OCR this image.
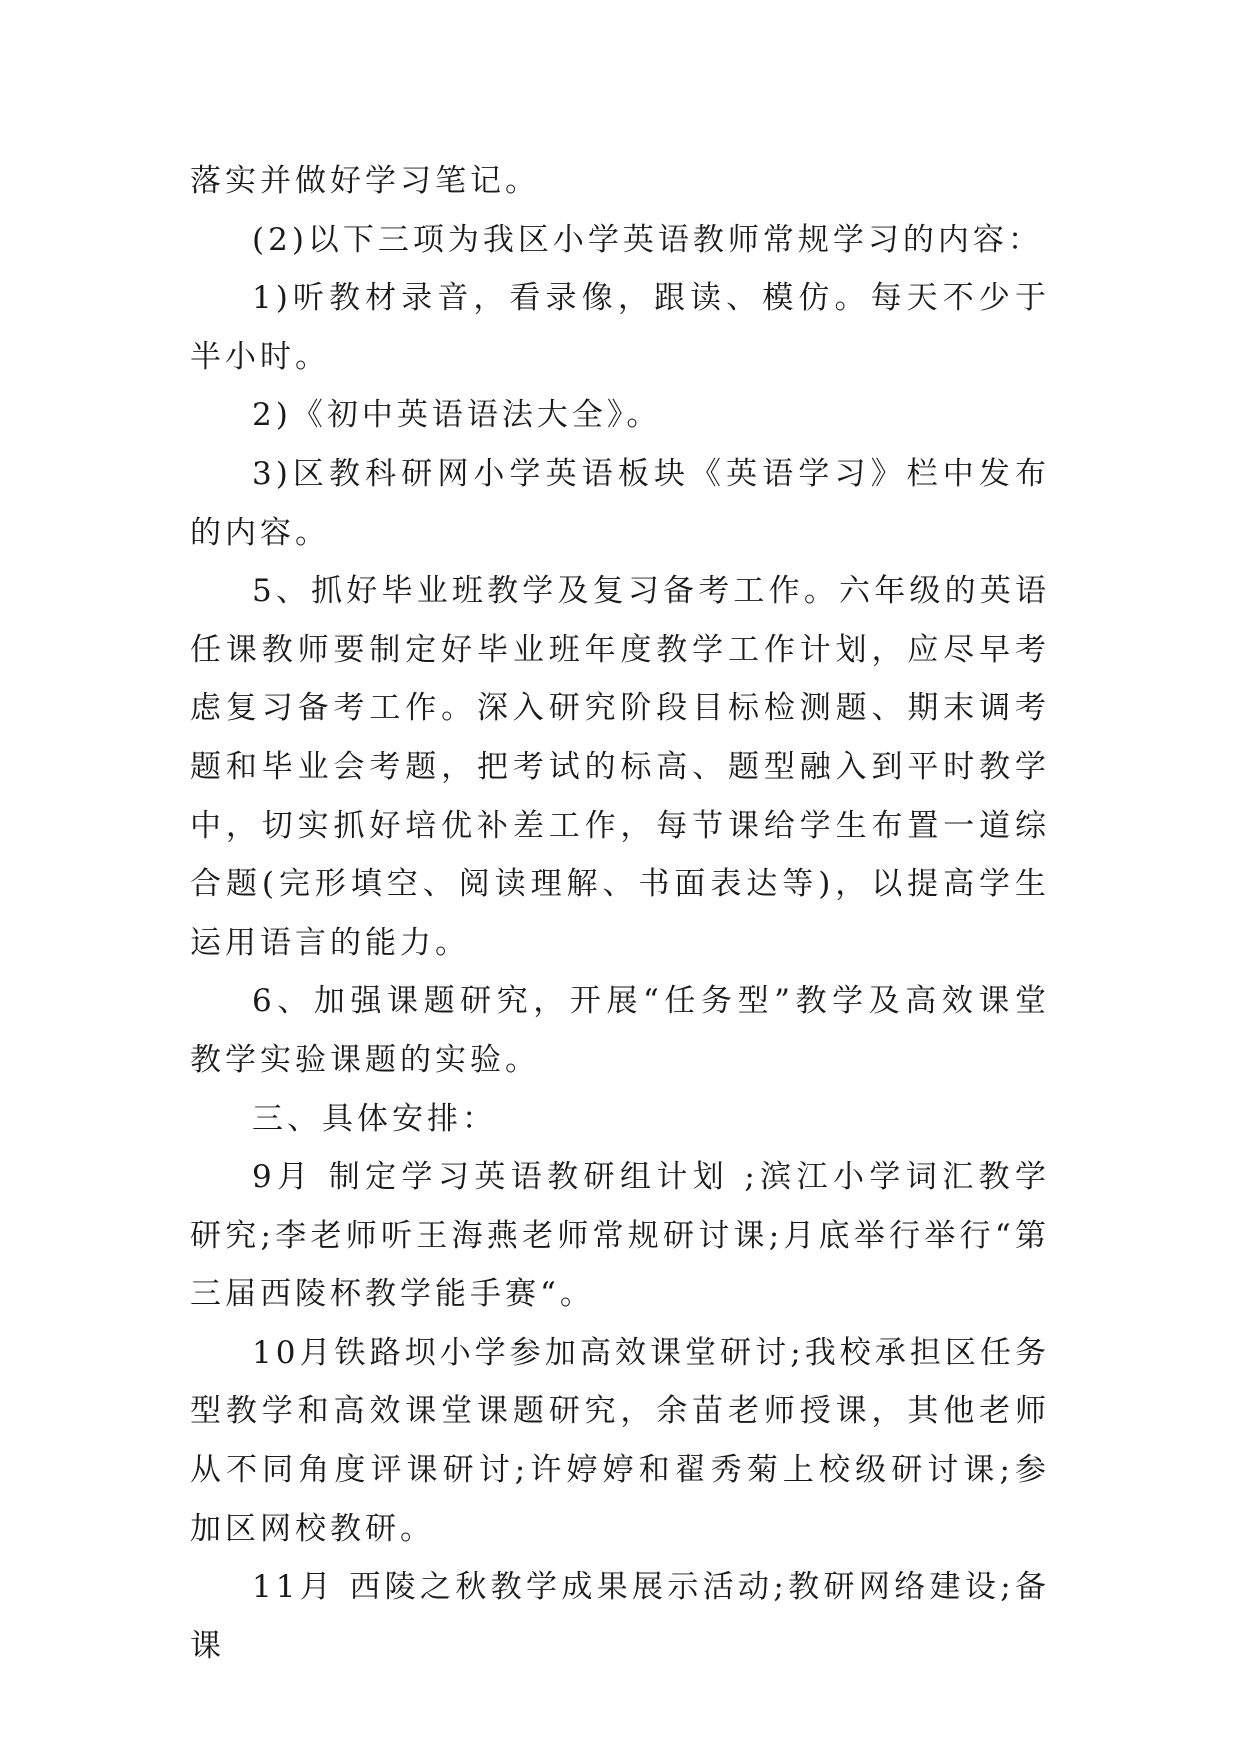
落实并做好学习笔记。

(2)以下三项为我区小学英语教师常规学习的内容：

1)听教材录音，看录像，跟读、模仿。每天不少于半小时。

2)《初中英语语法大全》。

3)区教科研网小学英语板块《英语学习》栏中发布的内容。

5、抓好毕业班教学及复习备考工作。六年级的英语任课教师要制定好毕业班年度教学工作计划，应尽早考虑复习备考工作。深入研究阶段目标检测题、期末调考题和毕业会考题，把考试的标高、题型融入到平时教学中，切实抓好培优补差工作，每节课给学生布置一道综合题(完形填空、阅读理解、书面表达等)，以提高学生运用语言的能力。

6、加强课题研究，开展“任务型”教学及高效课堂教学实验课题的实验。

三、具体安排：

9月 制定学习英语教研组计划 ;滨江小学词汇教学研究;李老师听王海燕老师常规研讨课;月底举行举行“第三届西陵杯教学能手赛“。

10月铁路坝小学参加高效课堂研讨;我校承担区任务型教学和高效课堂课题研究，余苗老师授课，其他老师从不同角度评课研讨;许婷婷和翟秀菊上校级研讨课;参加区网校教研。

11月 西陵之秋教学成果展示活动;教研网络建设;备课
